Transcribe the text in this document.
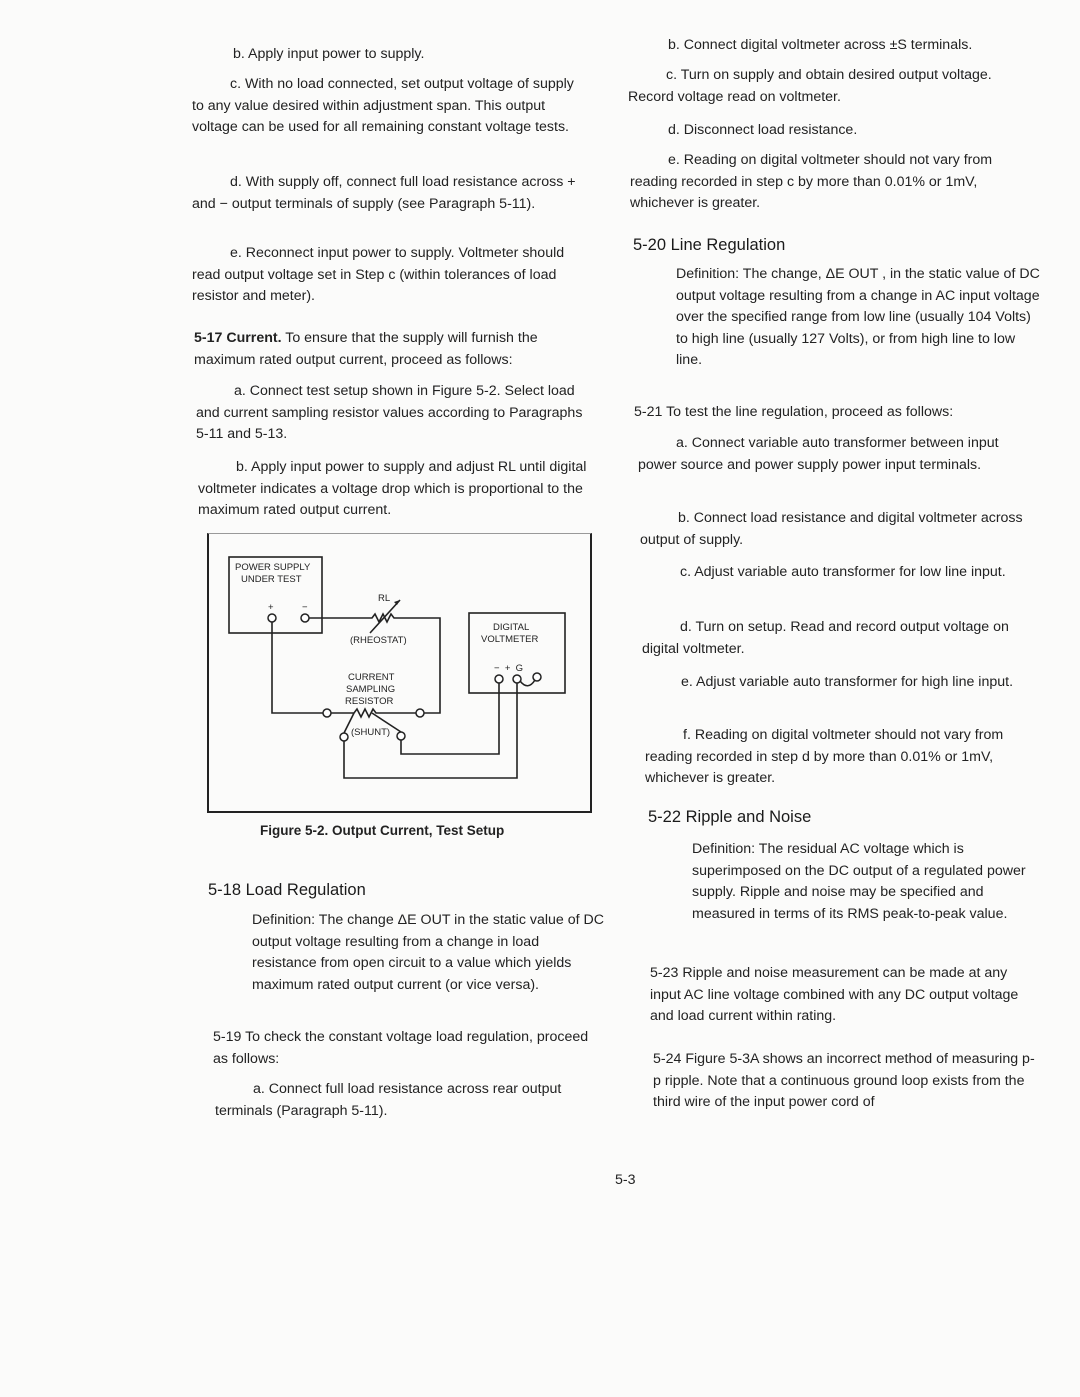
b. Apply input power to supply.

c. With no load connected, set output voltage of supply to any value desired within adjustment span. This output voltage can be used for all remaining constant voltage tests.

d. With supply off, connect full load resistance across + and − output terminals of supply (see Paragraph 5-11).

e. Reconnect input power to supply. Voltmeter should read output voltage set in Step c (within tolerances of load resistor and meter).

5-17 Current. To ensure that the supply will furnish the maximum rated output current, proceed as follows:

a. Connect test setup shown in Figure 5-2. Select load and current sampling resistor values according to Paragraphs 5-11 and 5-13.

b. Apply input power to supply and adjust RL until digital voltmeter indicates a voltage drop which is proportional to the maximum rated output current.

POWER SUPPLY
UNDER TEST
+	−
RL
(RHEOSTAT)
DIGITAL
VOLTMETER
−  +  G
CURRENT
SAMPLING
RESISTOR
(SHUNT)
Figure 5-2. Output Current, Test Setup
5-18 Load Regulation

Definition: The change ΔE OUT in the static value of DC output voltage resulting from a change in load resistance from open circuit to a value which yields maximum rated output current (or vice versa).

5-19 To check the constant voltage load regulation, proceed as follows:

a. Connect full load resistance across rear output terminals (Paragraph 5-11).

b. Connect digital voltmeter across ±S terminals.

c. Turn on supply and obtain desired output voltage. Record voltage read on voltmeter.

d. Disconnect load resistance.

e. Reading on digital voltmeter should not vary from reading recorded in step c by more than 0.01% or 1mV, whichever is greater.

5-20 Line Regulation

Definition: The change, ΔE OUT , in the static value of DC output voltage resulting from a change in AC input voltage over the specified range from low line (usually 104 Volts) to high line (usually 127 Volts), or from high line to low line.

5-21 To test the line regulation, proceed as follows:

a. Connect variable auto transformer between input power source and power supply power input terminals.

b. Connect load resistance and digital voltmeter across output of supply.

c. Adjust variable auto transformer for low line input.

d. Turn on setup. Read and record output voltage on digital voltmeter.

e. Adjust variable auto transformer for high line input.

f. Reading on digital voltmeter should not vary from reading recorded in step d by more than 0.01% or 1mV, whichever is greater.

5-22 Ripple and Noise

Definition: The residual AC voltage which is superimposed on the DC output of a regulated power supply. Ripple and noise may be specified and measured in terms of its RMS peak-to-peak value.

5-23 Ripple and noise measurement can be made at any input AC line voltage combined with any DC output voltage and load current within rating.

5-24 Figure 5-3A shows an incorrect method of measuring p-p ripple. Note that a continuous ground loop exists from the third wire of the input power cord of

5-3
